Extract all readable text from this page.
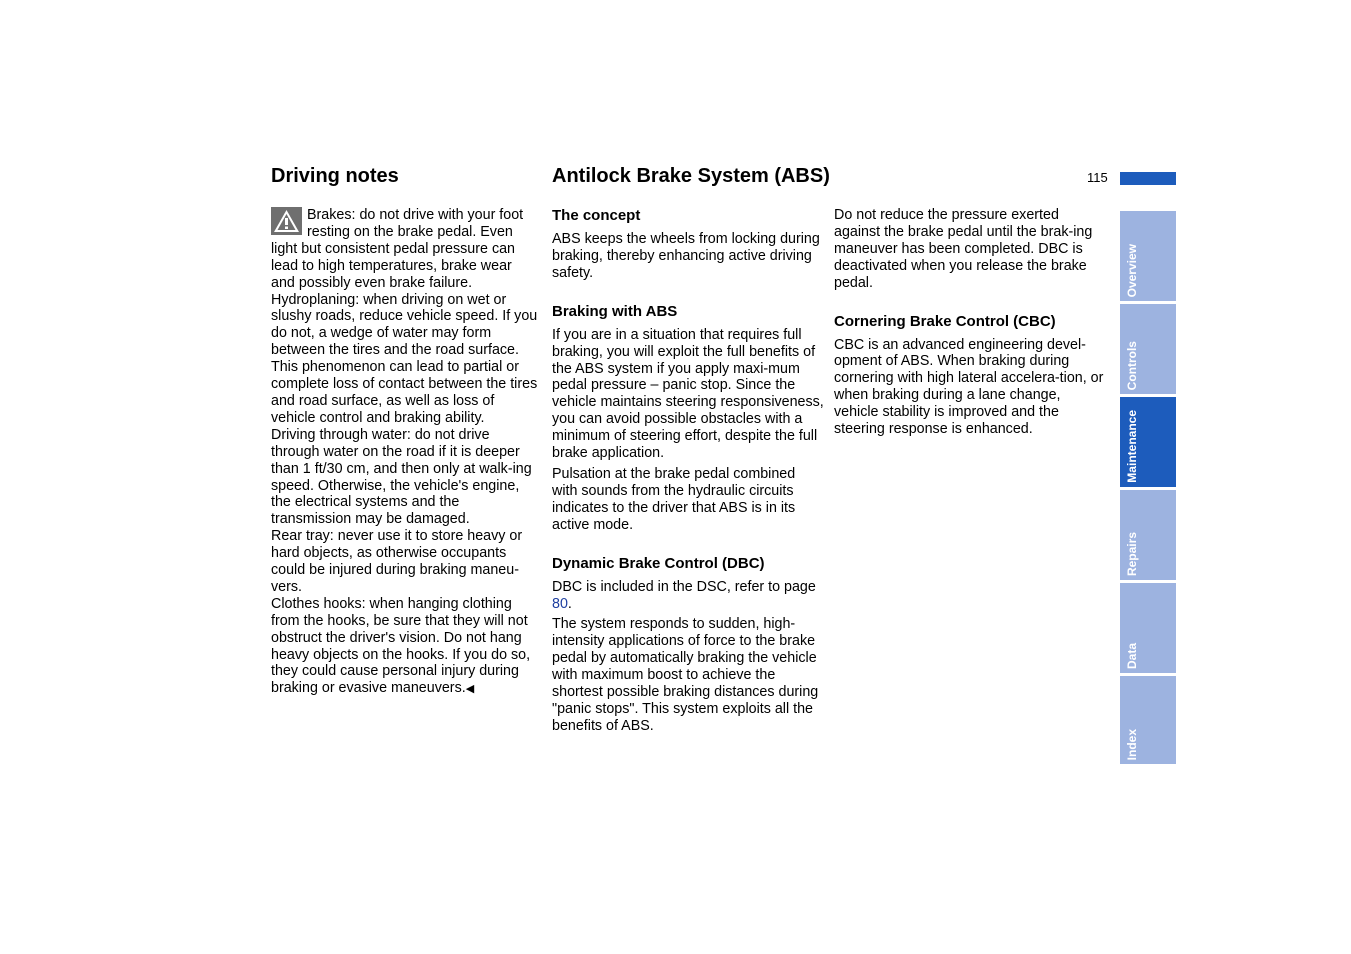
Driving notes	Antilock Brake System (ABS)	115

Brakes: do not drive with your foot resting on the brake pedal. Even light but consistent pedal pressure can lead to high temperatures, brake wear and possibly even brake failure.

Hydroplaning: when driving on wet or slushy roads, reduce vehicle speed. If you do not, a wedge of water may form between the tires and the road surface. This phenomenon can lead to partial or complete loss of contact between the tires and road surface, as well as loss of vehicle control and braking ability.

Driving through water: do not drive through water on the road if it is deeper than 1 ft/30 cm, and then only at walk-ing speed. Otherwise, the vehicle's engine, the electrical systems and the transmission may be damaged.

Rear tray: never use it to store heavy or hard objects, as otherwise occupants could be injured during braking maneu-vers.

Clothes hooks: when hanging clothing from the hooks, be sure that they will not obstruct the driver's vision. Do not hang heavy objects on the hooks. If you do so, they could cause personal injury during braking or evasive maneuvers.◀

The concept

ABS keeps the wheels from locking during braking, thereby enhancing active driving safety.

Braking with ABS

If you are in a situation that requires full braking, you will exploit the full benefits of the ABS system if you apply maxi-mum pedal pressure – panic stop. Since the vehicle maintains steering responsiveness, you can avoid possible obstacles with a minimum of steering effort, despite the full brake application.

Pulsation at the brake pedal combined with sounds from the hydraulic circuits indicates to the driver that ABS is in its active mode.

Dynamic Brake Control (DBC)

DBC is included in the DSC, refer to page 80.

The system responds to sudden, high-intensity applications of force to the brake pedal by automatically braking the vehicle with maximum boost to achieve the shortest possible braking distances during "panic stops". This system exploits all the benefits of ABS.

Do not reduce the pressure exerted against the brake pedal until the brak-ing maneuver has been completed. DBC is deactivated when you release the brake pedal.

Cornering Brake Control (CBC)

CBC is an advanced engineering devel-opment of ABS. When braking during cornering with high lateral accelera-tion, or when braking during a lane change, vehicle stability is improved and the steering response is enhanced.

Overview
Controls
Maintenance
Repairs
Data
Index
